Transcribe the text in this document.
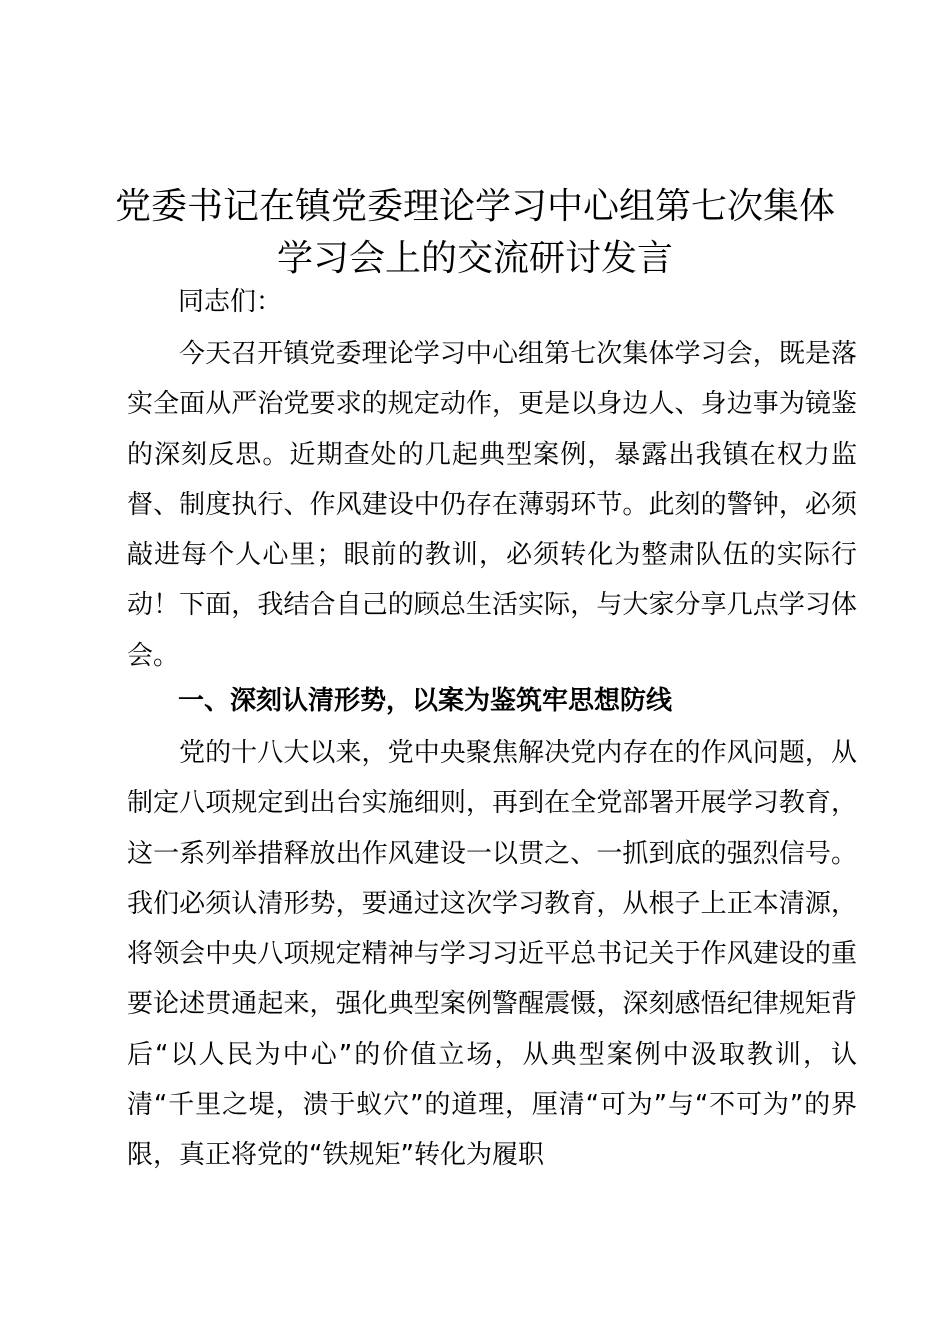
党委书记在镇党委理论学习中心组第七次集体
学习会上的交流研讨发言
同志们：

今天召开镇党委理论学习中心组第七次集体学习会，既是落实全面从严治党要求的规定动作，更是以身边人、身边事为镜鉴的深刻反思。近期查处的几起典型案例，暴露出我镇在权力监督、制度执行、作风建设中仍存在薄弱环节。此刻的警钟，必须敲进每个人心里；眼前的教训，必须转化为整肃队伍的实际行动！下面，我结合自己的顾总生活实际，与大家分享几点学习体会。

一、深刻认清形势，以案为鉴筑牢思想防线

党的十八大以来，党中央聚焦解决党内存在的作风问题，从制定八项规定到出台实施细则，再到在全党部署开展学习教育，这一系列举措释放出作风建设一以贯之、一抓到底的强烈信号。我们必须认清形势，要通过这次学习教育，从根子上正本清源，将领会中央八项规定精神与学习习近平总书记关于作风建设的重要论述贯通起来，强化典型案例警醒震慑，深刻感悟纪律规矩背后“以人民为中心”的价值立场，从典型案例中汲取教训，认清“千里之堤，溃于蚁穴”的道理，厘清“可为”与“不可为”的界限，真正将党的“铁规矩”转化为履职
